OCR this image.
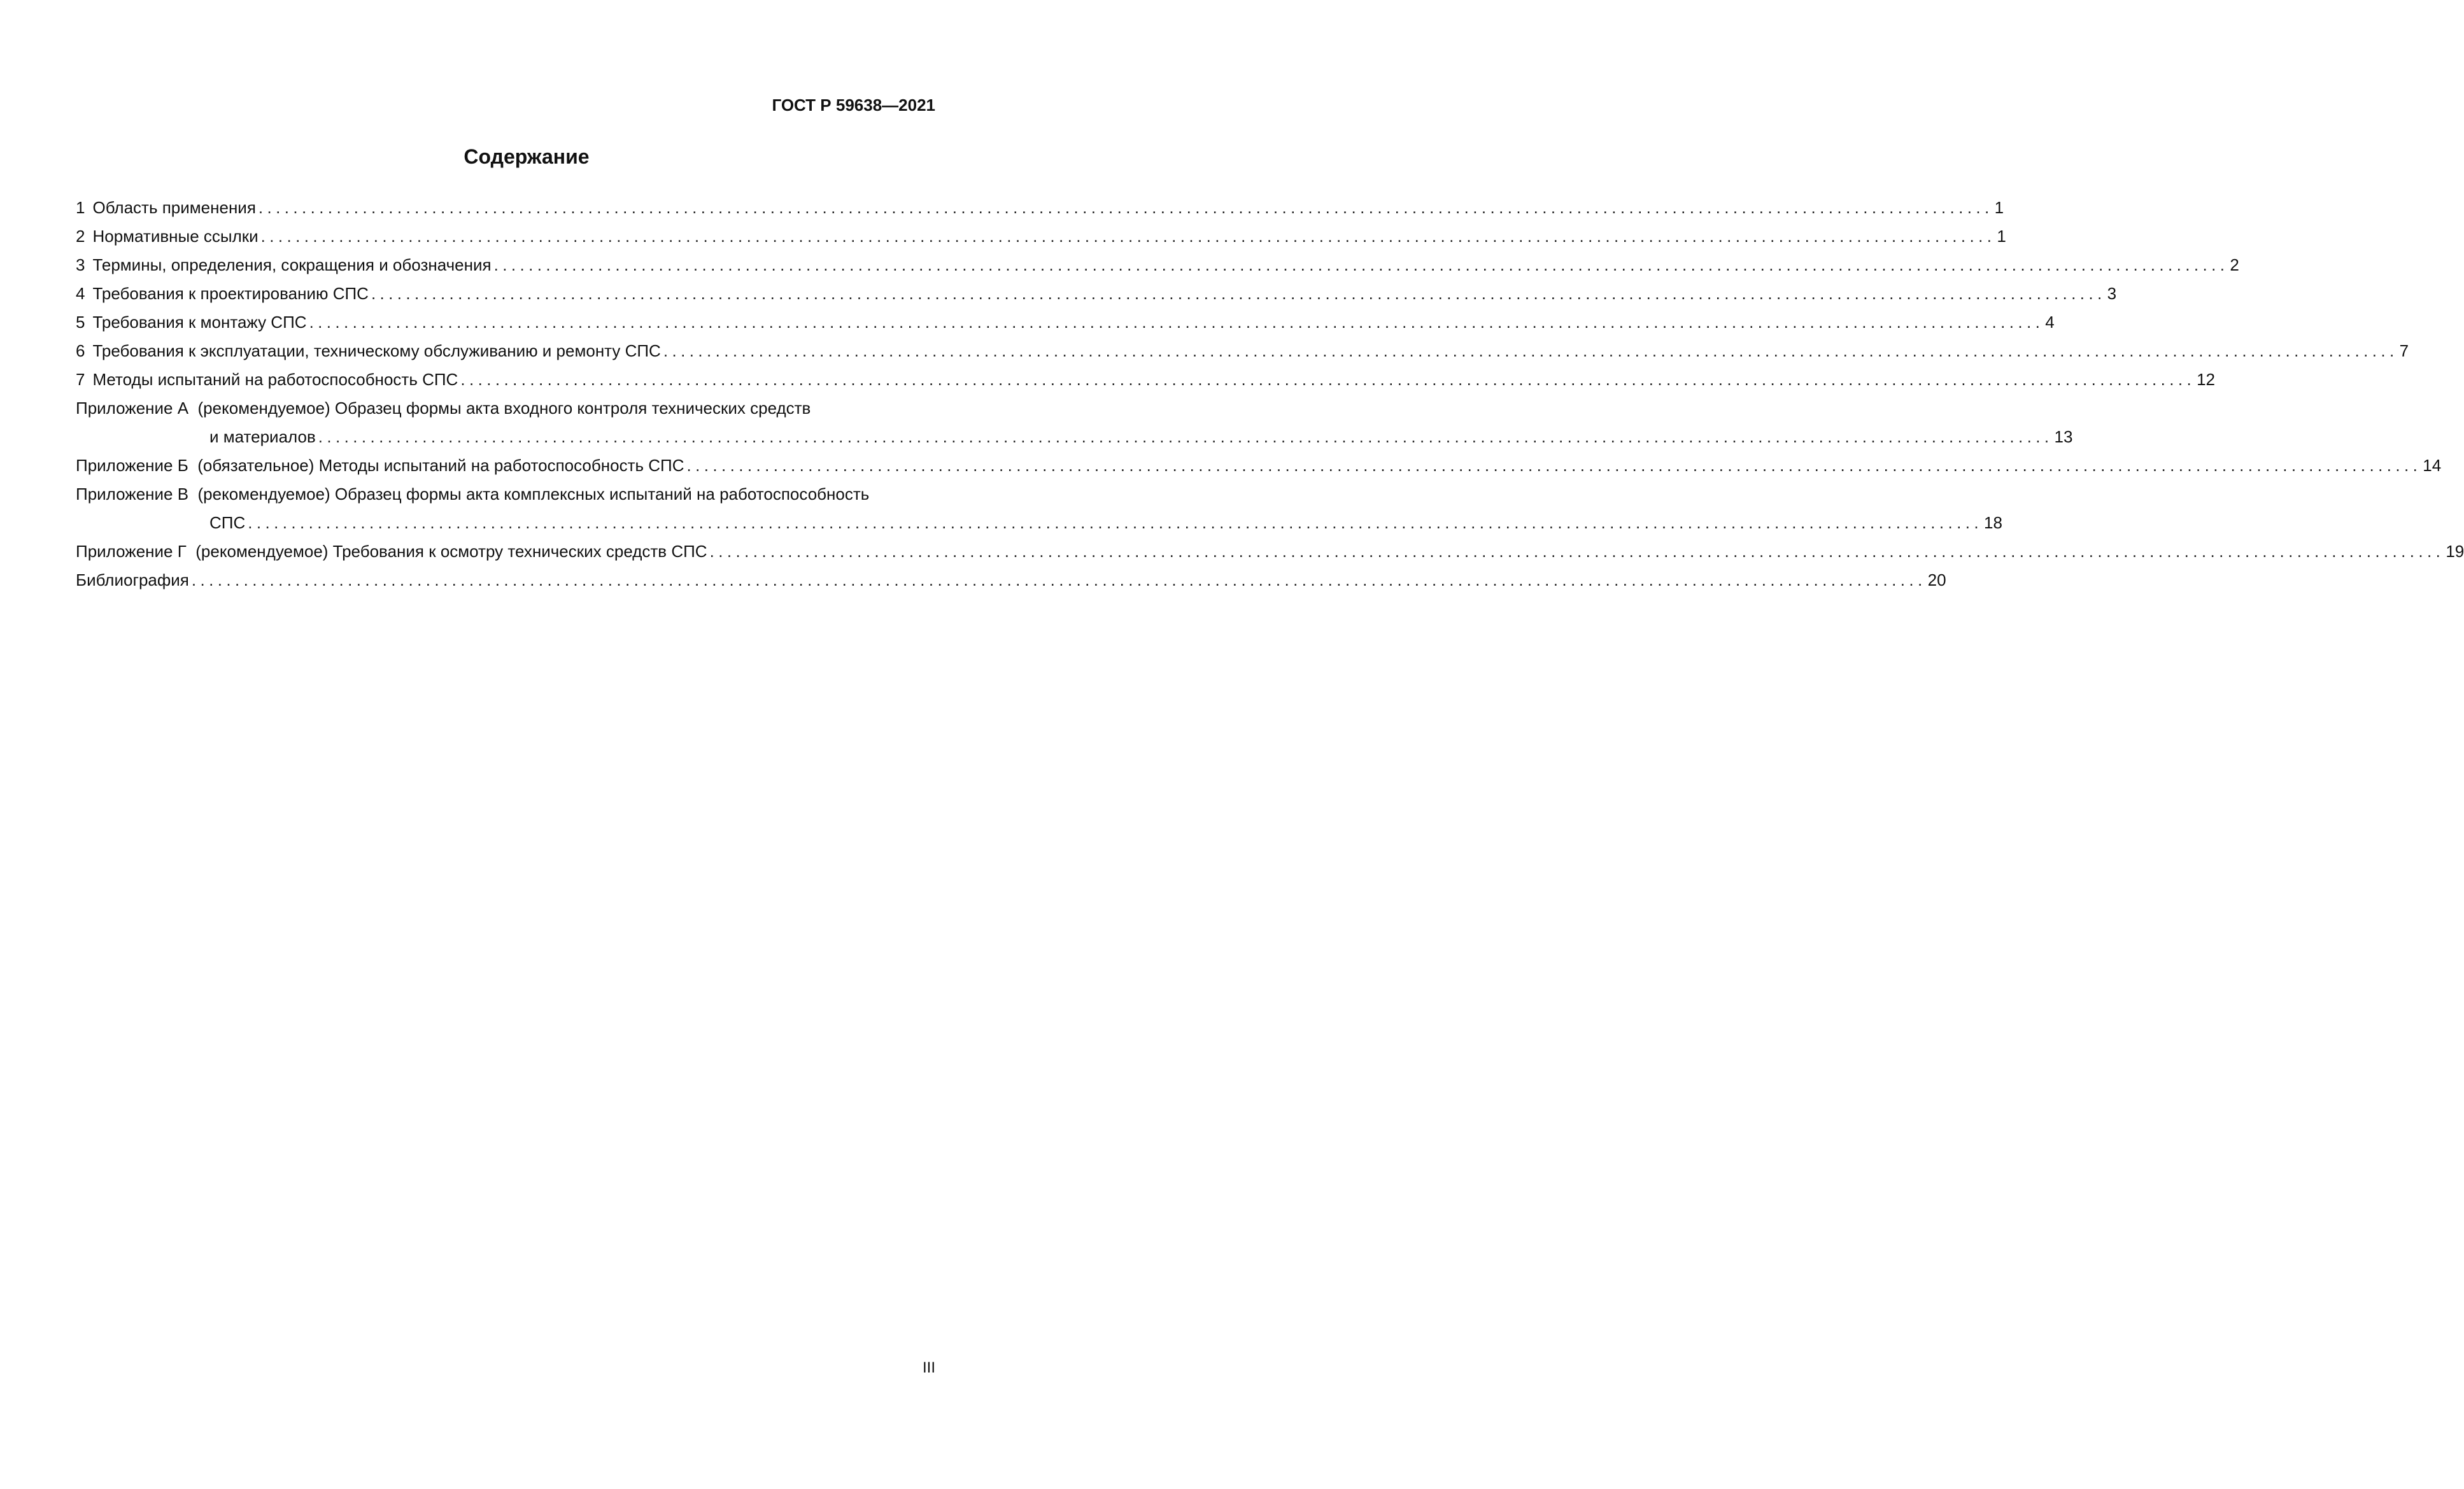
ГОСТ Р 59638—2021
Содержание
1 Область применения ........................................................................................................................................................................................................ 1
2 Нормативные ссылки ........................................................................................................................................................................................................ 1
3 Термины, определения, сокращения и обозначения ........................................................................................................................................................................................................ 2
4 Требования к проектированию СПС ........................................................................................................................................................................................................ 3
5 Требования к монтажу СПС ........................................................................................................................................................................................................ 4
6 Требования к эксплуатации, техническому обслуживанию и ремонту СПС ........................................................................................................................................................................................................ 7
7 Методы испытаний на работоспособность СПС ........................................................................................................................................................................................................ 12
Приложение А  (рекомендуемое) Образец формы акта входного контроля технических средств
и материалов ........................................................................................................................................................................................................ 13
Приложение Б  (обязательное) Методы испытаний на работоспособность СПС ........................................................................................................................................................................................................ 14
Приложение В  (рекомендуемое) Образец формы акта комплексных испытаний на работоспособность
СПС ........................................................................................................................................................................................................ 18
Приложение Г  (рекомендуемое) Требования к осмотру технических средств СПС ........................................................................................................................................................................................................ 19
Библиография ........................................................................................................................................................................................................ 20
III
